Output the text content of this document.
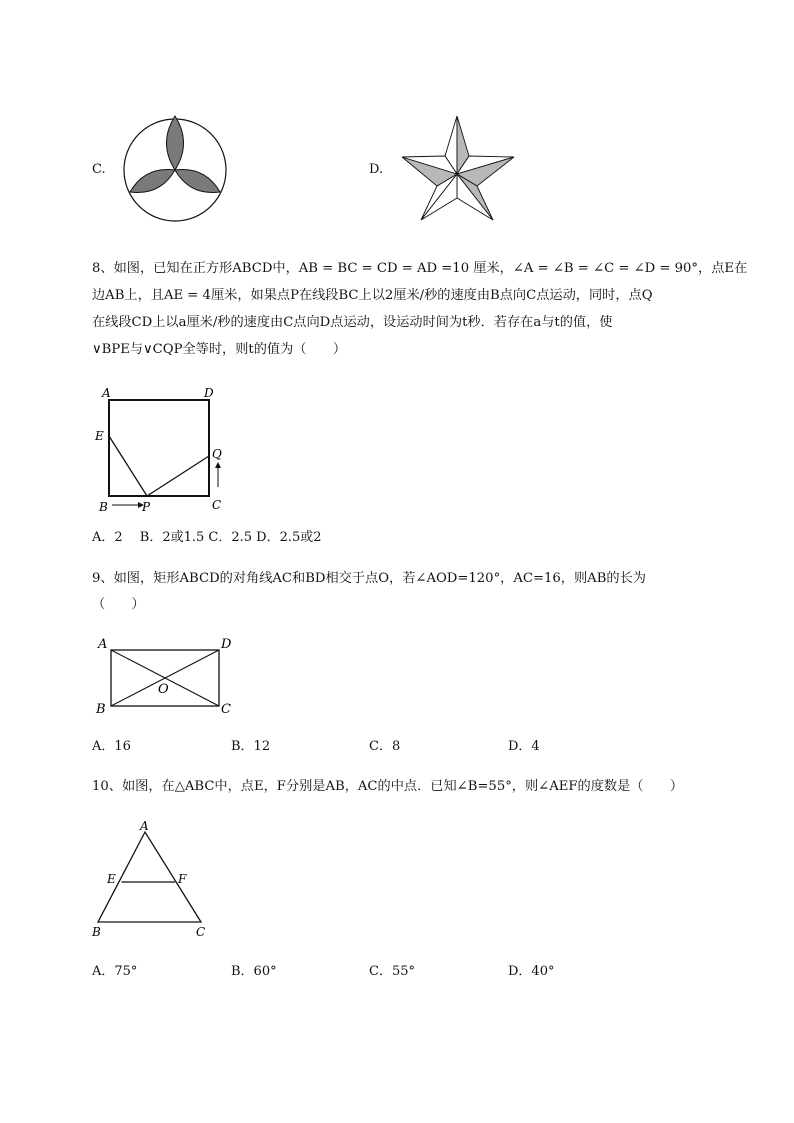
C.	D.
8、如图，已知在正方形ABCD中，AB = BC = CD = AD =10 厘米，∠A = ∠B = ∠C = ∠D = 90°，点E在
边AB上，且AE = 4厘米，如果点P在线段BC上以2厘米/秒的速度由B点向C点运动，同时，点Q
在线段CD上以a厘米/秒的速度由C点向D点运动，设运动时间为t秒．若存在a与t的值，使
∨BPE与∨CQP全等时，则t的值为（　　）
A	D
E
Q
B	P	C
A．2　 B．2或1.5 C．2.5 D．2.5或2
9、如图，矩形ABCD的对角线AC和BD相交于点O，若∠AOD=120°，AC=16，则AB的长为
（　　）
A	D
O
B	C
A．16	B．12	C．8	D．4
10、如图，在△ABC中，点E，F分别是AB，AC的中点．已知∠B=55°，则∠AEF的度数是（　　）
A
E	F
B	C
A．75°	B．60°	C．55°	D．40°
